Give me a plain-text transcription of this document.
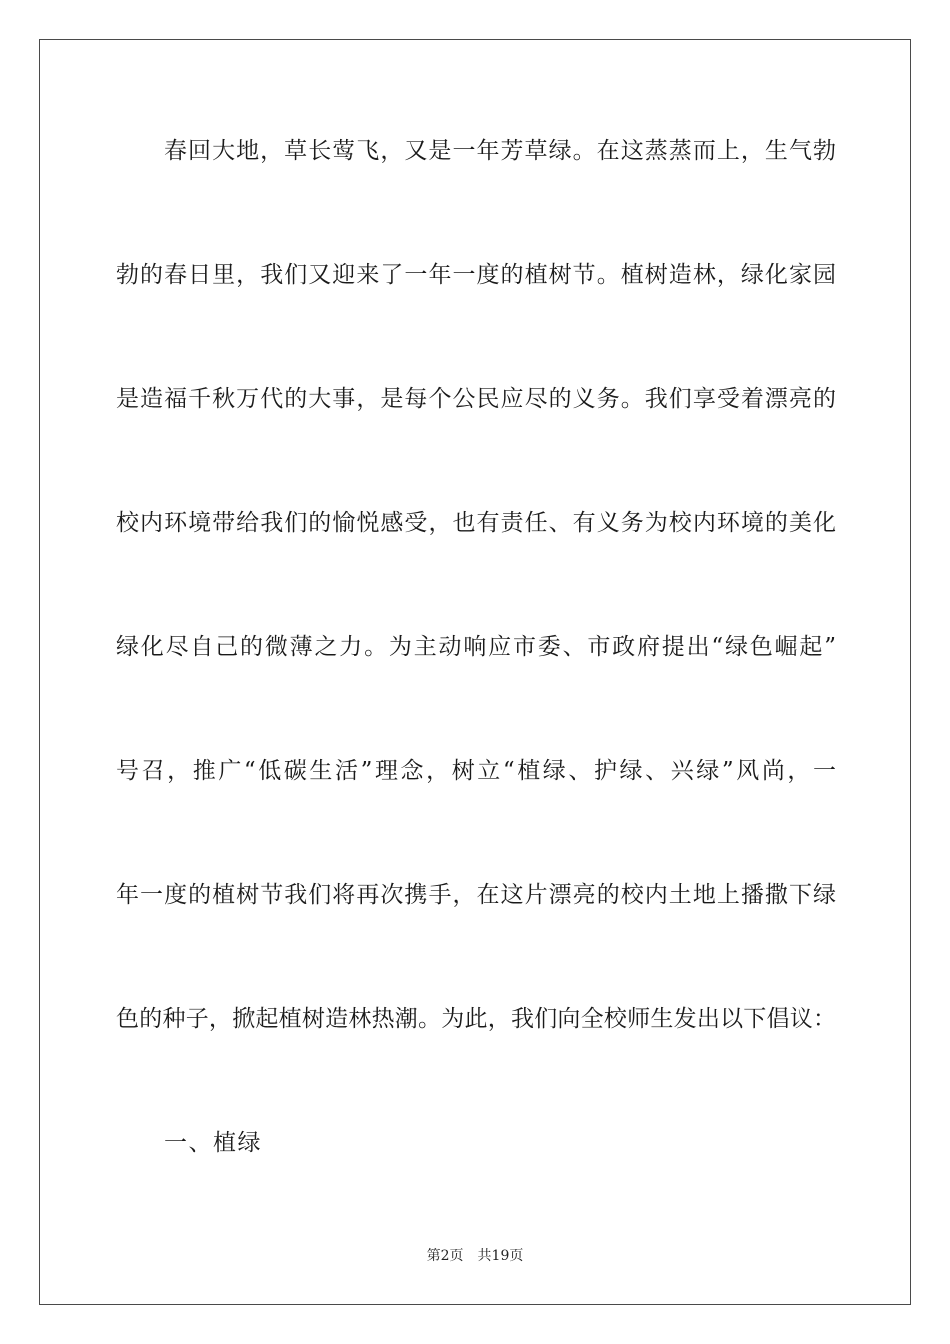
春回大地，草长莺飞，又是一年芳草绿。在这蒸蒸而上，生气勃
勃的春日里，我们又迎来了一年一度的植树节。植树造林，绿化家园
是造福千秋万代的大事，是每个公民应尽的义务。我们享受着漂亮的
校内环境带给我们的愉悦感受，也有责任、有义务为校内环境的美化
绿化尽自己的微薄之力。为主动响应市委、市政府提出“绿色崛起”
号召，推广“低碳生活”理念，树立“植绿、护绿、兴绿”风尚，一
年一度的植树节我们将再次携手，在这片漂亮的校内土地上播撒下绿
色的种子，掀起植树造林热潮。为此，我们向全校师生发出以下倡议：
一、植绿
第2页 共19页
